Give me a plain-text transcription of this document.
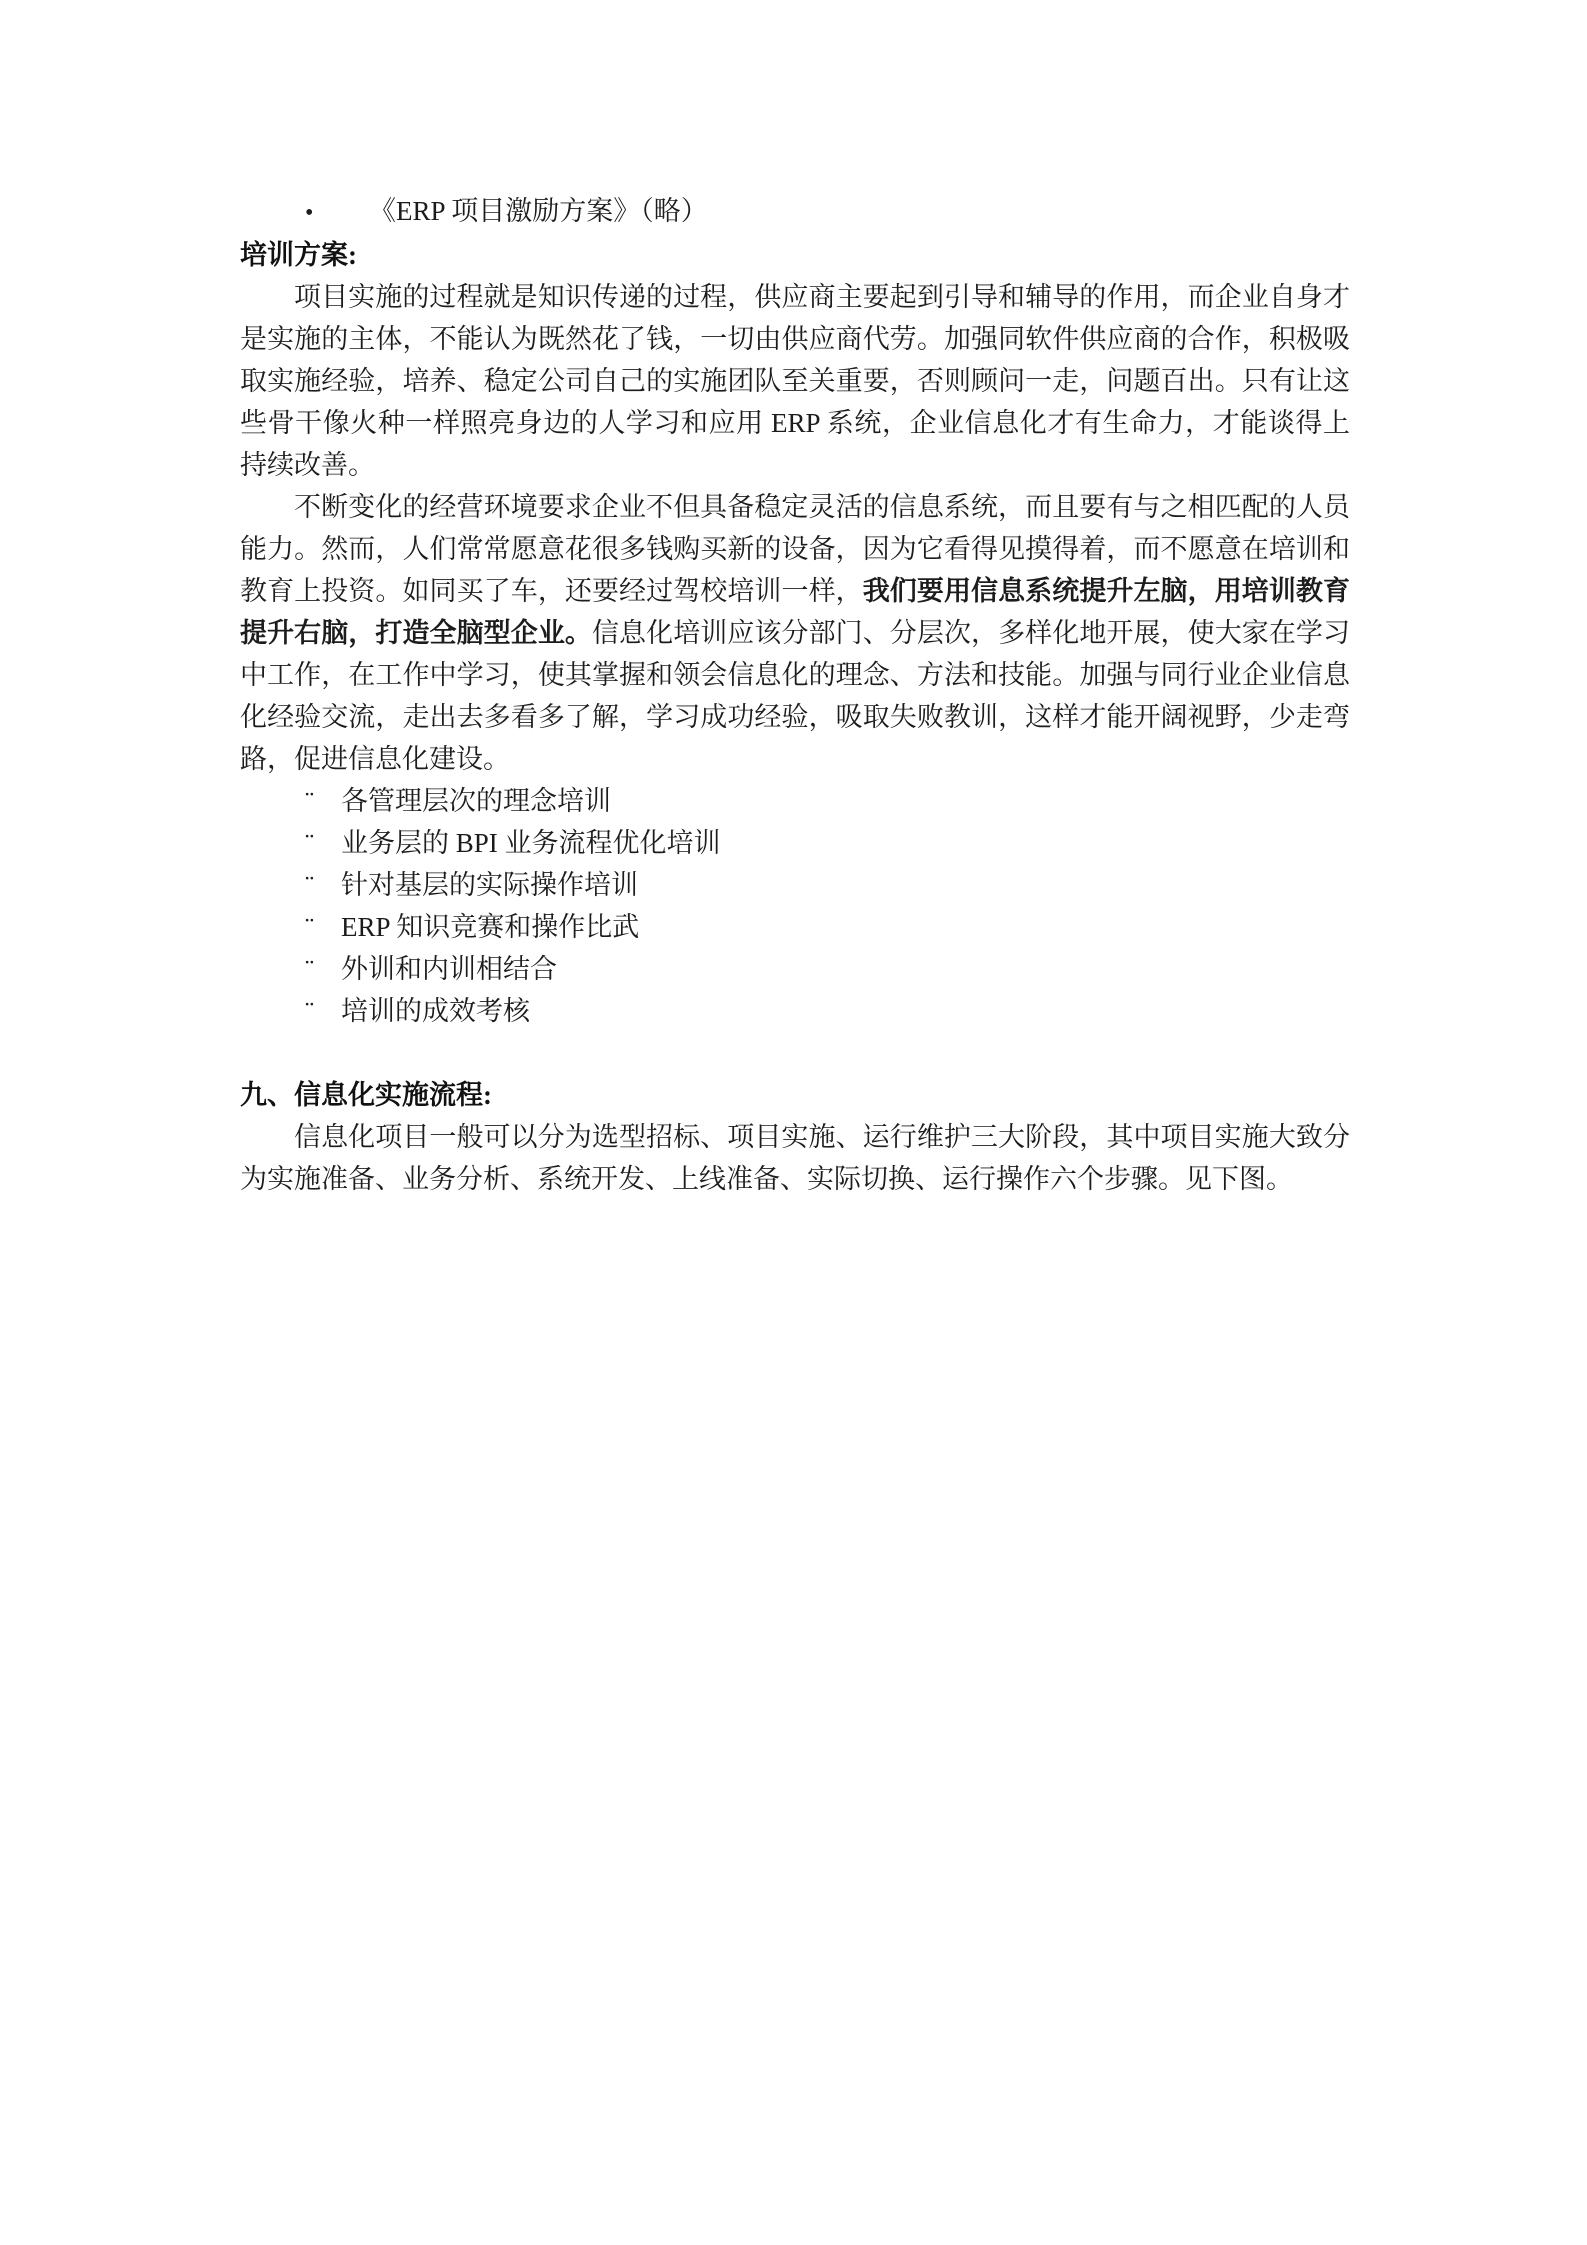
•	《ERP 项目激励方案》（略）
培训方案:

项目实施的过程就是知识传递的过程，供应商主要起到引导和辅导的作用，而企业自身才是实施的主体，不能认为既然花了钱，一切由供应商代劳。加强同软件供应商的合作，积极吸取实施经验，培养、稳定公司自己的实施团队至关重要，否则顾问一走，问题百出。只有让这些骨干像火种一样照亮身边的人学习和应用 ERP 系统，企业信息化才有生命力，才能谈得上持续改善。

不断变化的经营环境要求企业不但具备稳定灵活的信息系统，而且要有与之相匹配的人员能力。然而，人们常常愿意花很多钱购买新的设备，因为它看得见摸得着，而不愿意在培训和教育上投资。如同买了车，还要经过驾校培训一样，我们要用信息系统提升左脑，用培训教育提升右脑，打造全脑型企业。信息化培训应该分部门、分层次，多样化地开展，使大家在学习中工作，在工作中学习，使其掌握和领会信息化的理念、方法和技能。加强与同行业企业信息化经验交流，走出去多看多了解，学习成功经验，吸取失败教训，这样才能开阔视野，少走弯路，促进信息化建设。

¨ 各管理层次的理念培训
¨ 业务层的 BPI 业务流程优化培训
¨ 针对基层的实际操作培训
¨ ERP 知识竞赛和操作比武
¨ 外训和内训相结合
¨ 培训的成效考核
九、信息化实施流程:

信息化项目一般可以分为选型招标、项目实施、运行维护三大阶段，其中项目实施大致分为实施准备、业务分析、系统开发、上线准备、实际切换、运行操作六个步骤。见下图。
